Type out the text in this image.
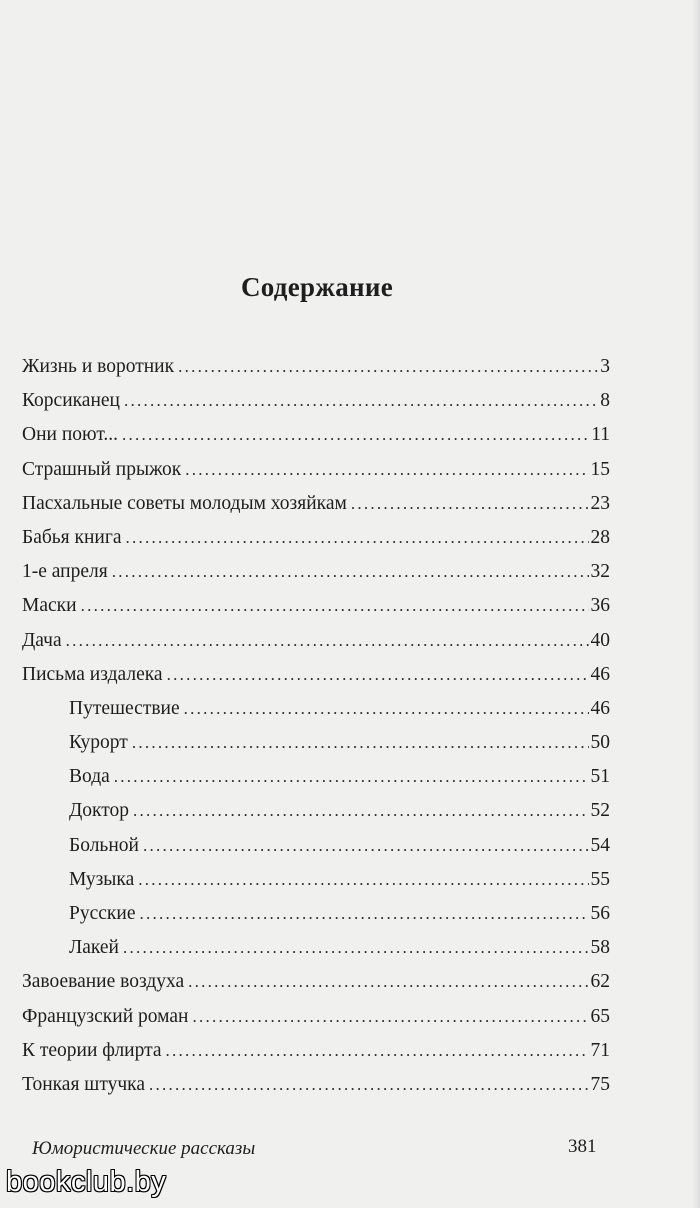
Содержание
Жизнь и воротник . . .	3
Корсиканец . . .	8
Они поют... . . .	11
Страшный прыжок . . .	15
Пасхальные советы молодым хозяйкам . . .	23
Бабья книга . . .	28
1-е апреля . . .	32
Маски . . .	36
Дача . . .	40
Письма издалека . . .	46
Путешествие . . .	46
Курорт . . .	50
Вода . . .	51
Доктор . . .	52
Больной . . .	54
Музыка . . .	55
Русские . . .	56
Лакей . . .	58
Завоевание воздуха . . .	62
Французский роман . . .	65
К теории флирта . . .	71
Тонкая штучка . . .	75
Юмористические рассказы	381
bookclub.by
